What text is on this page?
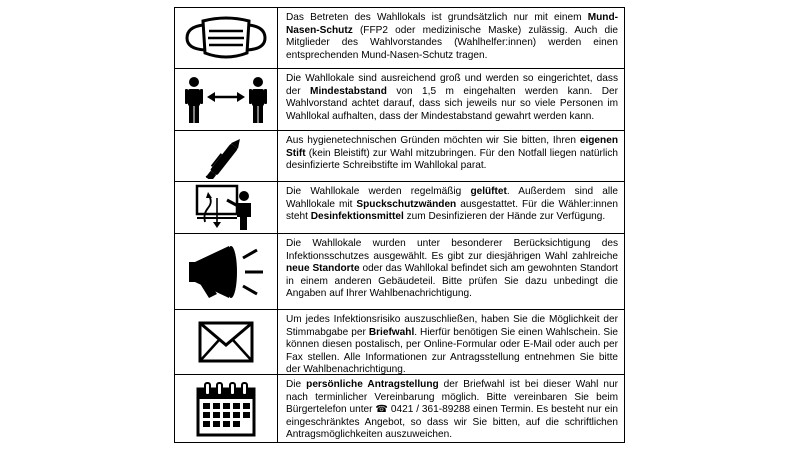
Das Betreten des Wahllokals ist grundsätzlich nur mit einem Mund-Nasen-Schutz (FFP2 oder medizinische Maske) zulässig. Auch die Mitglieder des Wahlvorstandes (Wahlhelfer:innen) werden einen entsprechenden Mund-Nasen-Schutz tragen.
Die Wahllokale sind ausreichend groß und werden so eingerichtet, dass der Mindestabstand von 1,5 m eingehalten werden kann. Der Wahlvorstand achtet darauf, dass sich jeweils nur so viele Personen im Wahllokal aufhalten, dass der Mindestabstand gewahrt werden kann.
Aus hygienetechnischen Gründen möchten wir Sie bitten, Ihren eigenen Stift (kein Bleistift) zur Wahl mitzubringen. Für den Notfall liegen natürlich desinfizierte Schreibstifte im Wahllokal parat.
Die Wahllokale werden regelmäßig gelüftet. Außerdem sind alle Wahllokale mit Spuckschutzwänden ausgestattet. Für die Wähler:innen steht Desinfektionsmittel zum Desinfizieren der Hände zur Verfügung.
Die Wahllokale wurden unter besonderer Berücksichtigung des Infektionsschutzes ausgewählt. Es gibt zur diesjährigen Wahl zahlreiche neue Standorte oder das Wahllokal befindet sich am gewohnten Standort in einem anderen Gebäudeteil. Bitte prüfen Sie dazu unbedingt die Angaben auf Ihrer Wahlbenachrichtigung.
Um jedes Infektionsrisiko auszuschließen, haben Sie die Möglichkeit der Stimmabgabe per Briefwahl. Hierfür benötigen Sie einen Wahlschein. Sie können diesen postalisch, per Online-Formular oder E-Mail oder auch per Fax stellen. Alle Informationen zur Antragsstellung entnehmen Sie bitte der Wahlbenachrichtigung.
Die persönliche Antragstellung der Briefwahl ist bei dieser Wahl nur nach terminlicher Vereinbarung möglich. Bitte vereinbaren Sie beim Bürgertelefon unter ☎ 0421 / 361-89288 einen Termin. Es besteht nur ein eingeschränktes Angebot, so dass wir Sie bitten, auf die schriftlichen Antragsmöglichkeiten auszuweichen.
